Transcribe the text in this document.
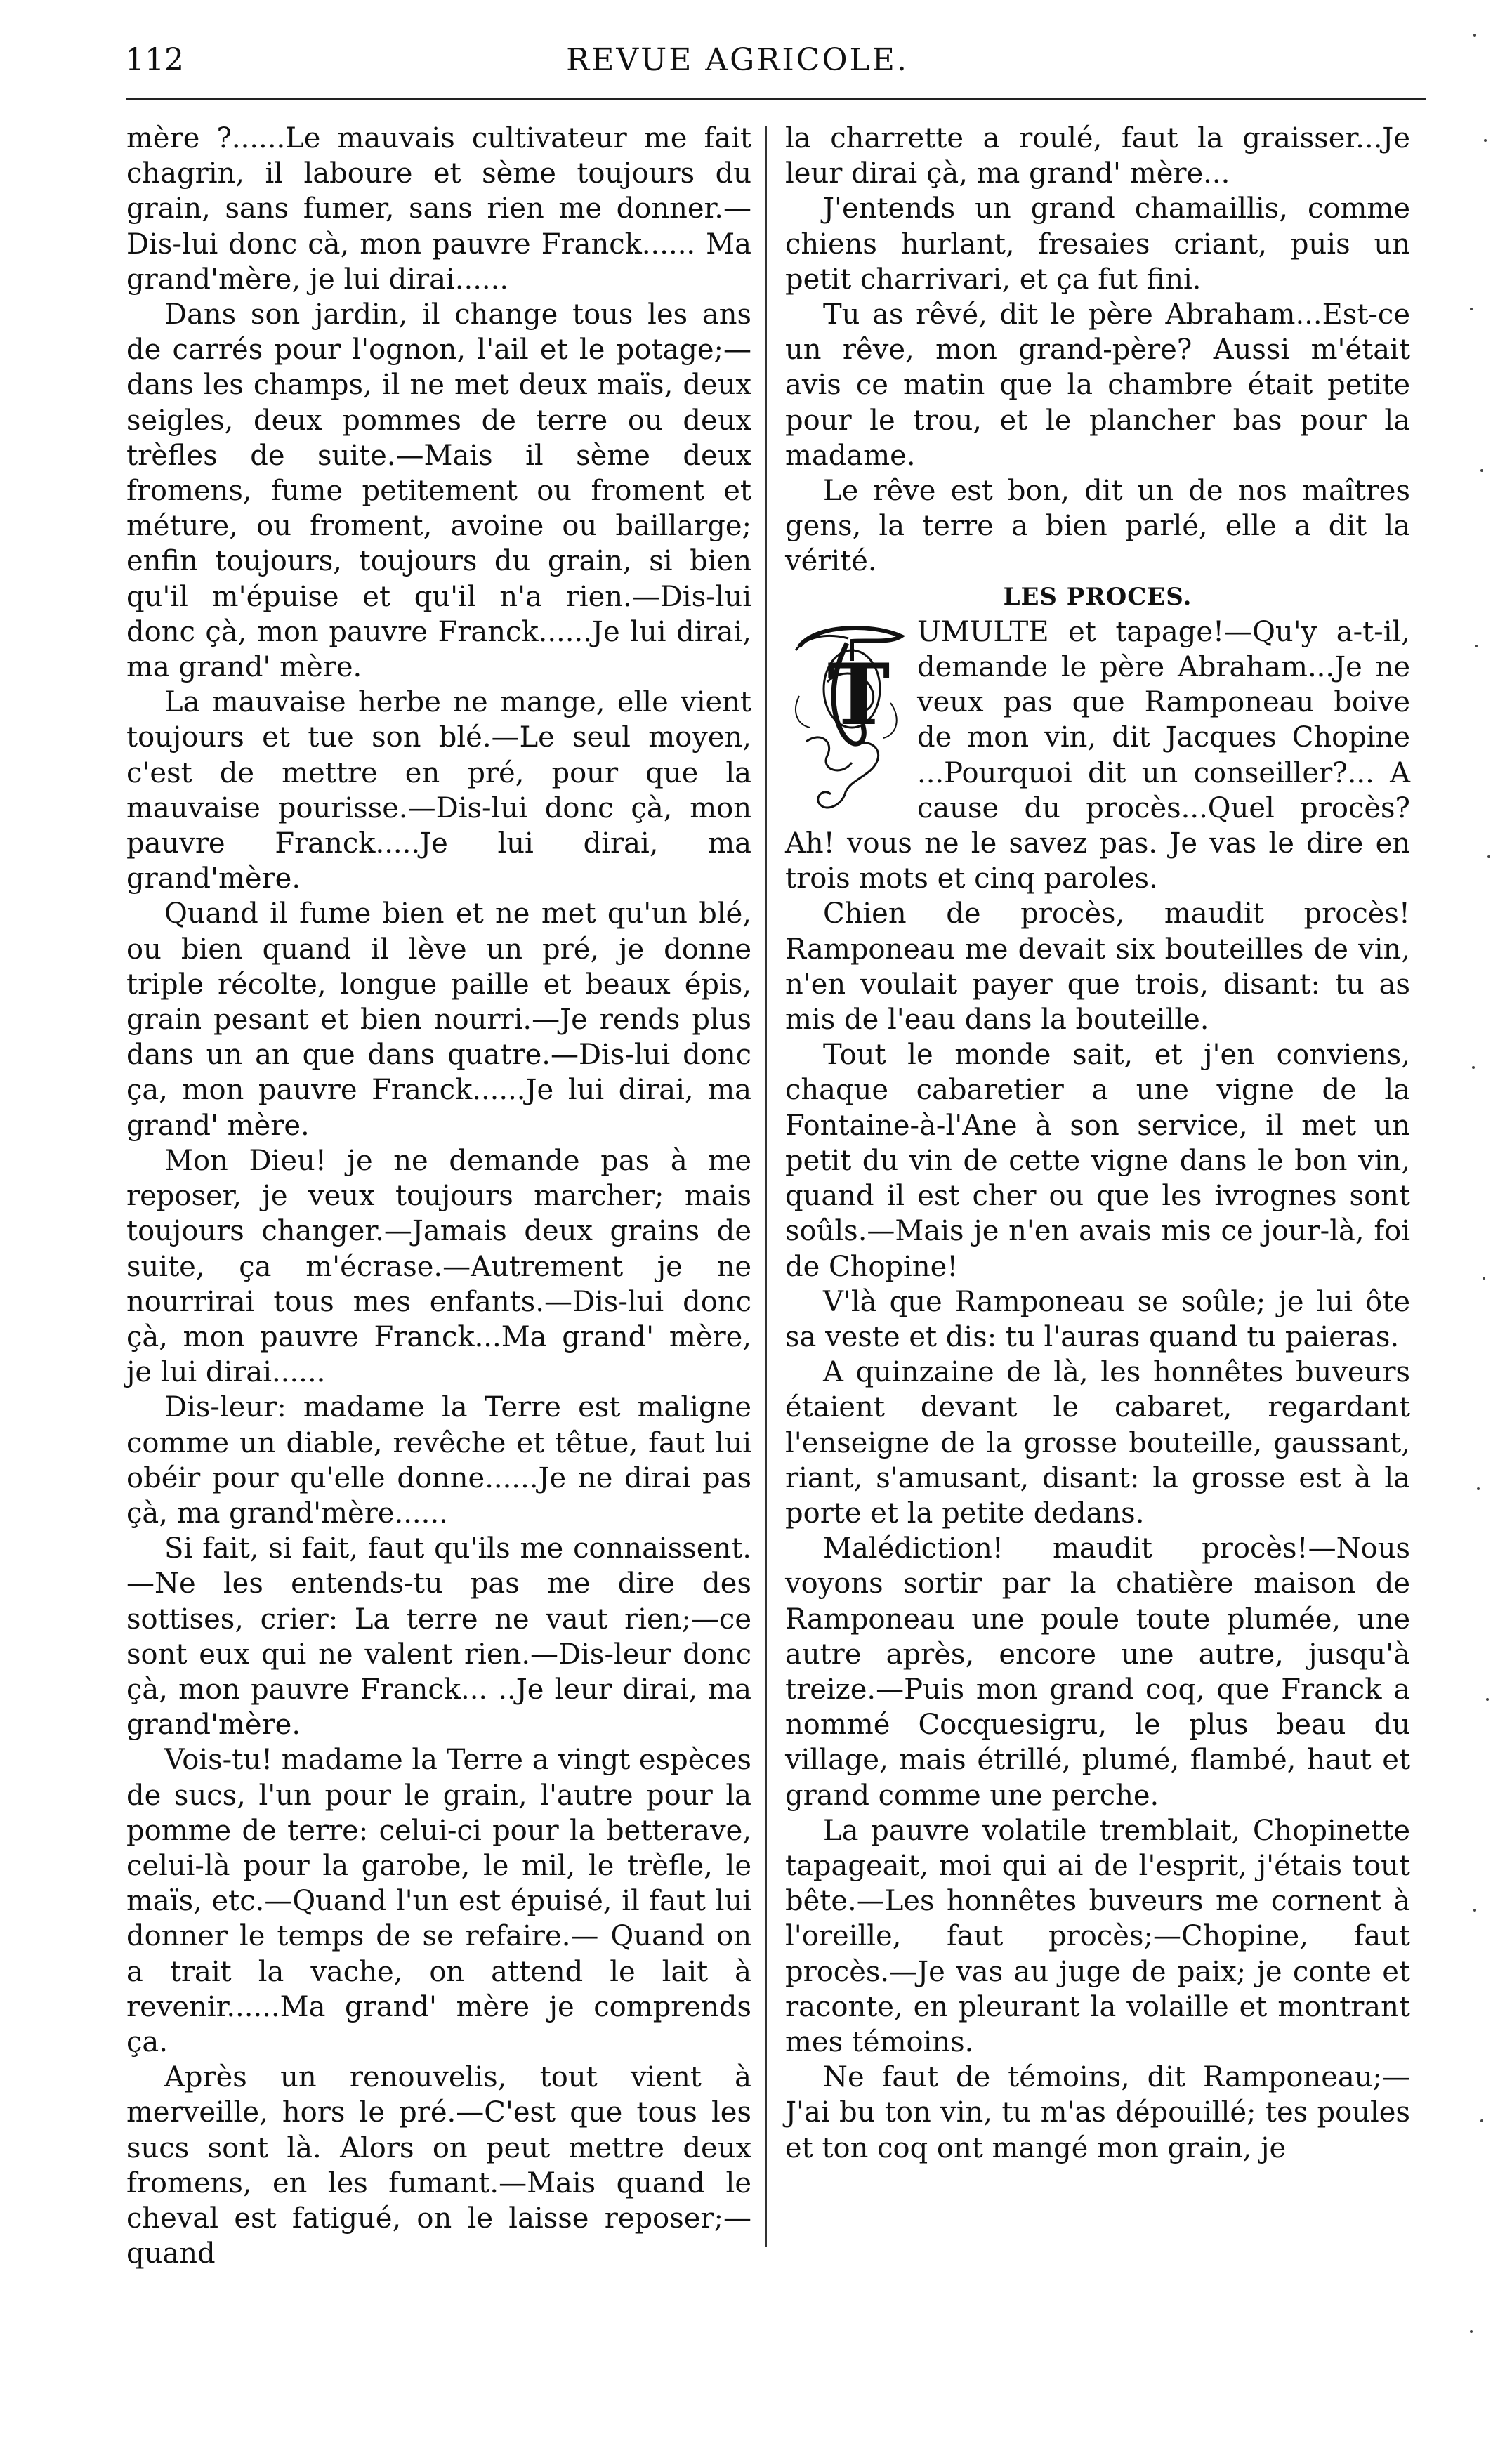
112	REVUE AGRICOLE.

mère ?......Le mauvais cultivateur me fait chagrin, il laboure et sème toujours du grain, sans fumer, sans rien me donner.— Dis-lui donc cà, mon pauvre Franck...... Ma grand'mère, je lui dirai......

Dans son jardin, il change tous les ans de carrés pour l'ognon, l'ail et le potage;— dans les champs, il ne met deux maïs, deux seigles, deux pommes de terre ou deux trèfles de suite.—Mais il sème deux fromens, fume petitement ou froment et méture, ou froment, avoine ou baillarge; enfin toujours, toujours du grain, si bien qu'il m'épuise et qu'il n'a rien.—Dis-lui donc çà, mon pauvre Franck......Je lui dirai, ma grand' mère.

La mauvaise herbe ne mange, elle vient toujours et tue son blé.—Le seul moyen, c'est de mettre en pré, pour que la mauvaise pourisse.—Dis-lui donc çà, mon pauvre Franck.....Je lui dirai, ma grand'mère.

Quand il fume bien et ne met qu'un blé, ou bien quand il lève un pré, je donne triple récolte, longue paille et beaux épis, grain pesant et bien nourri.—Je rends plus dans un an que dans quatre.—Dis-lui donc ça, mon pauvre Franck......Je lui dirai, ma grand' mère.

Mon Dieu! je ne demande pas à me reposer, je veux toujours marcher; mais toujours changer.—Jamais deux grains de suite, ça m'écrase.—Autrement je ne nourrirai tous mes enfants.—Dis-lui donc çà, mon pauvre Franck...Ma grand' mère, je lui dirai......

Dis-leur: madame la Terre est maligne comme un diable, revêche et têtue, faut lui obéir pour qu'elle donne......Je ne dirai pas çà, ma grand'mère......

Si fait, si fait, faut qu'ils me connaissent.—Ne les entends-tu pas me dire des sottises, crier: La terre ne vaut rien;—ce sont eux qui ne valent rien.—Dis-leur donc çà, mon pauvre Franck... ..Je leur dirai, ma grand'mère.

Vois-tu! madame la Terre a vingt espèces de sucs, l'un pour le grain, l'autre pour la pomme de terre: celui-ci pour la betterave, celui-là pour la garobe, le mil, le trèfle, le maïs, etc.—Quand l'un est épuisé, il faut lui donner le temps de se refaire.— Quand on a trait la vache, on attend le lait à revenir......Ma grand' mère je comprends ça.

Après un renouvelis, tout vient à merveille, hors le pré.—C'est que tous les sucs sont là. Alors on peut mettre deux fromens, en les fumant.—Mais quand le cheval est fatigué, on le laisse reposer;—quand

la charrette a roulé, faut la graisser...Je leur dirai çà, ma grand' mère...

J'entends un grand chamaillis, comme chiens hurlant, fresaies criant, puis un petit charrivari, et ça fut fini.

Tu as rêvé, dit le père Abraham...Est-ce un rêve, mon grand-père? Aussi m'était avis ce matin que la chambre était petite pour le trou, et le plancher bas pour la madame.

Le rêve est bon, dit un de nos maîtres gens, la terre a bien parlé, elle a dit la vérité.

LES PROCES.

T

UMULTE et tapage!—Qu'y a-t-il, demande le père Abraham...Je ne veux pas que Ramponeau boive de mon vin, dit Jacques Chopine ...Pourquoi dit un conseiller?... A cause du procès...Quel procès? Ah! vous ne le savez pas. Je vas le dire en trois mots et cinq paroles.

Chien de procès, maudit procès! Ramponeau me devait six bouteilles de vin, n'en voulait payer que trois, disant: tu as mis de l'eau dans la bouteille.

Tout le monde sait, et j'en conviens, chaque cabaretier a une vigne de la Fontaine-à-l'Ane à son service, il met un petit du vin de cette vigne dans le bon vin, quand il est cher ou que les ivrognes sont soûls.—Mais je n'en avais mis ce jour-là, foi de Chopine!

V'là que Ramponeau se soûle; je lui ôte sa veste et dis: tu l'auras quand tu paieras.

A quinzaine de là, les honnêtes buveurs étaient devant le cabaret, regardant l'enseigne de la grosse bouteille, gaussant, riant, s'amusant, disant: la grosse est à la porte et la petite dedans.

Malédiction! maudit procès!—Nous voyons sortir par la chatière maison de Ramponeau une poule toute plumée, une autre après, encore une autre, jusqu'à treize.—Puis mon grand coq, que Franck a nommé Cocquesigru, le plus beau du village, mais étrillé, plumé, flambé, haut et grand comme une perche.

La pauvre volatile tremblait, Chopinette tapageait, moi qui ai de l'esprit, j'étais tout bête.—Les honnêtes buveurs me cornent à l'oreille, faut procès;—Chopine, faut procès.—Je vas au juge de paix; je conte et raconte, en pleurant la volaille et montrant mes témoins.

Ne faut de témoins, dit Ramponeau;— J'ai bu ton vin, tu m'as dépouillé; tes poules et ton coq ont mangé mon grain, je
